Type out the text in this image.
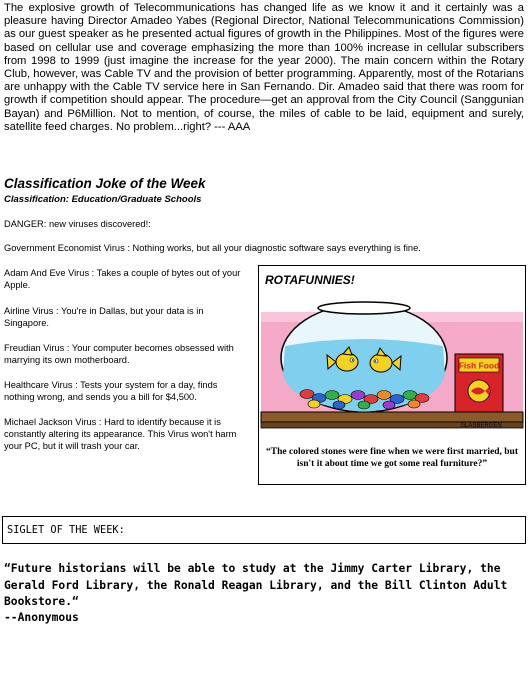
The explosive growth of Telecommunications has changed life as we know it and it certainly was a pleasure having Director Amadeo Yabes (Regional Director, National Telecommunications Commission) as our guest speaker as he presented actual figures of growth in the Philippines. Most of the figures were based on cellular use and coverage emphasizing the more than 100% increase in cellular subscribers from 1998 to 1999 (just imagine the increase for the year 2000). The main concern within the Rotary Club, however, was Cable TV and the provision of better programming. Apparently, most of the Rotarians are unhappy with the Cable TV service here in San Fernando. Dir. Amadeo said that there was room for growth if competition should appear. The procedure—get an approval from the City Council (Sanggunian Bayan) and P6Million. Not to mention, of course, the miles of cable to be laid, equipment and surely, satellite feed charges. No problem...right? --- AAA

Classification Joke of the Week
Classification: Education/Graduate Schools

DANGER: new viruses discovered!:

Government Economist Virus : Nothing works, but all your diagnostic software says everything is fine.

Adam And Eve Virus : Takes a couple of bytes out of your Apple.

Airline Virus : You're in Dallas, but your data is in Singapore.

Freudian Virus : Your computer becomes obsessed with marrying its own motherboard.

Healthcare Virus : Tests your system for a day, finds nothing wrong, and sends you a bill for $4,500.

Michael Jackson Virus : Hard to identify because it is constantly altering its appearance. This Virus won't harm your PC, but it will trash your car.

ROTAFUNNIES!
Fish Food
GLASBERGEN
“The colored stones were fine when we were first married, but isn't it about time we got some real furniture?”
SIGLET OF THE WEEK:

“Future historians will be able to study at the Jimmy Carter Library, the Gerald Ford Library, the Ronald Reagan Library, and the Bill Clinton Adult Bookstore.“

--Anonymous
